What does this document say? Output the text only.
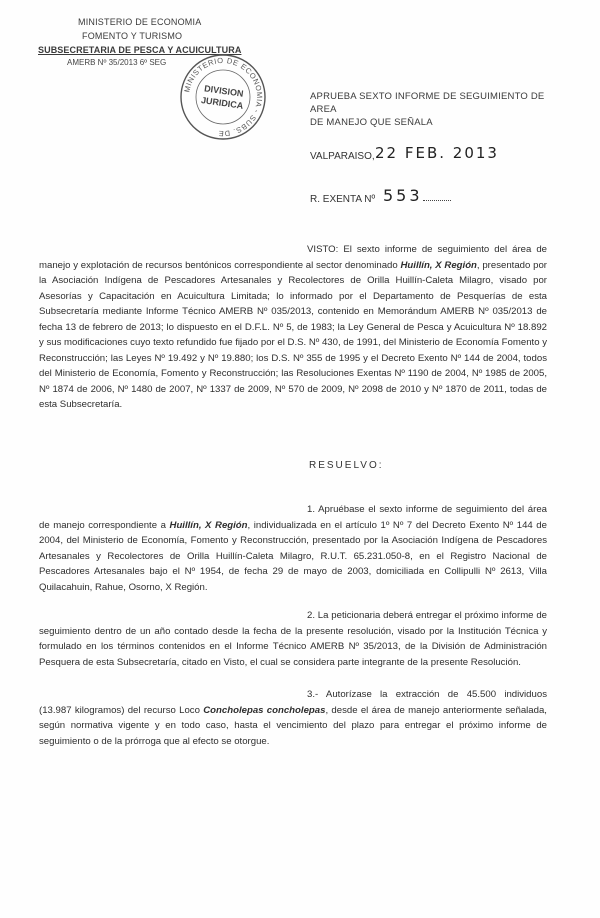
MINISTERIO DE ECONOMIA
FOMENTO Y TURISMO
SUBSECRETARIA DE PESCA Y ACUICULTURA
AMERB Nº 35/2013 6º SEG
MINISTERIO DE ECONOMIA - SUBS. DE
DIVISION
JURIDICA	APRUEBA SEXTO INFORME DE SEGUIMIENTO DE AREA
DE MANEJO QUE SEÑALA
VALPARAISO, 22 FEB. 2013
R. EXENTA Nº 553

VISTO: El sexto informe de seguimiento del área de manejo y explotación de recursos bentónicos correspondiente al sector denominado Huillín, X Región, presentado por la Asociación Indígena de Pescadores Artesanales y Recolectores de Orilla Huillín-Caleta Milagro, visado por Asesorías y Capacitación en Acuicultura Limitada; lo informado por el Departamento de Pesquerías de esta Subsecretaría mediante Informe Técnico AMERB Nº 035/2013, contenido en Memorándum AMERB Nº 035/2013 de fecha 13 de febrero de 2013; lo dispuesto en el D.F.L. Nº 5, de 1983; la Ley General de Pesca y Acuicultura Nº 18.892 y sus modificaciones cuyo texto refundido fue fijado por el D.S. Nº 430, de 1991, del Ministerio de Economía Fomento y Reconstrucción; las Leyes Nº 19.492 y Nº 19.880; los D.S. Nº 355 de 1995 y el Decreto Exento Nº 144 de 2004, todos del Ministerio de Economía, Fomento y Reconstrucción; las Resoluciones Exentas Nº 1190 de 2004, Nº 1985 de 2005, Nº 1874 de 2006, Nº 1480 de 2007, Nº 1337 de 2009, Nº 570 de 2009, Nº 2098 de 2010 y Nº 1870 de 2011, todas de esta Subsecretaría.

RESUELVO:

1. Apruébase el sexto informe de seguimiento del área de manejo correspondiente a Huillín, X Región, individualizada en el artículo 1º Nº 7 del Decreto Exento Nº 144 de 2004, del Ministerio de Economía, Fomento y Reconstrucción, presentado por la Asociación Indígena de Pescadores Artesanales y Recolectores de Orilla Huillín-Caleta Milagro, R.U.T. 65.231.050-8, en el Registro Nacional de Pescadores Artesanales bajo el Nº 1954, de fecha 29 de mayo de 2003, domiciliada en Collipulli Nº 2613, Villa Quilacahuin, Rahue, Osorno, X Región.

2. La peticionaria deberá entregar el próximo informe de seguimiento dentro de un año contado desde la fecha de la presente resolución, visado por la Institución Técnica y formulado en los términos contenidos en el Informe Técnico AMERB Nº 35/2013, de la División de Administración Pesquera de esta Subsecretaría, citado en Visto, el cual se considera parte integrante de la presente Resolución.

3.- Autorízase la extracción de 45.500 individuos (13.987 kilogramos) del recurso Loco Concholepas concholepas, desde el área de manejo anteriormente señalada, según normativa vigente y en todo caso, hasta el vencimiento del plazo para entregar el próximo informe de seguimiento o de la prórroga que al efecto se otorgue.
